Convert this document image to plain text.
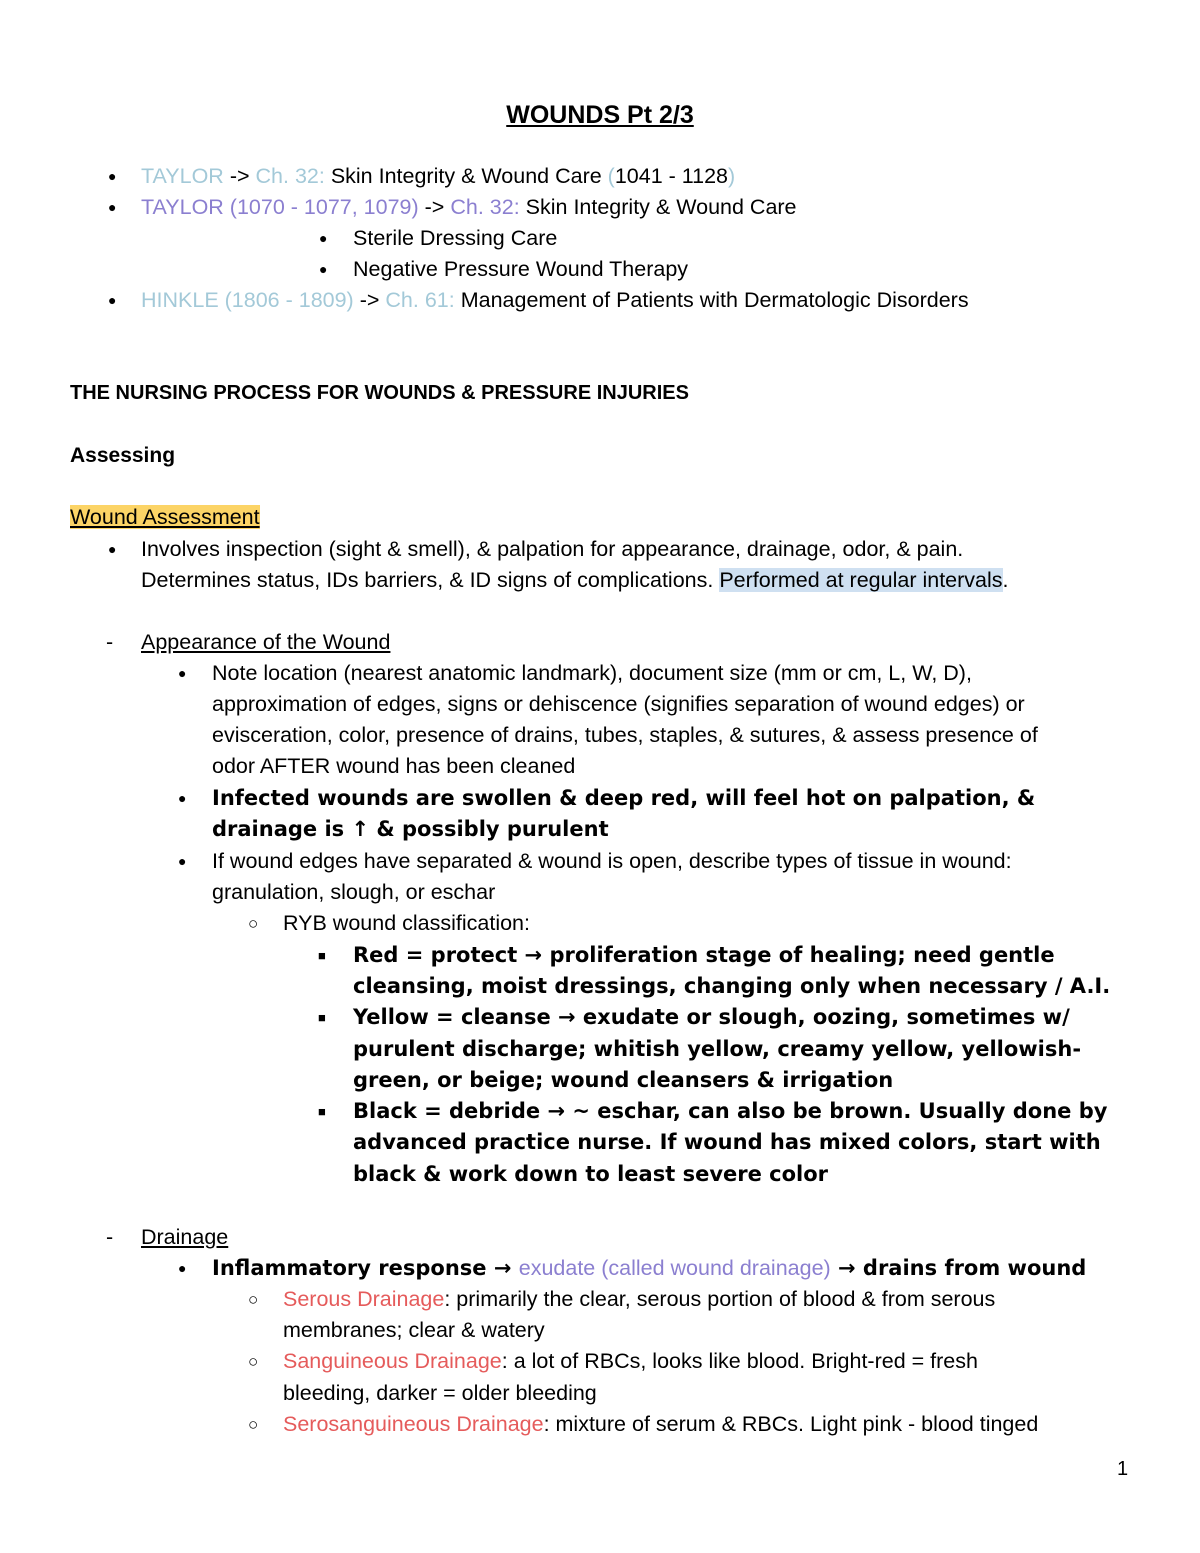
WOUNDS Pt 2/3
● TAYLOR -> Ch. 32: Skin Integrity & Wound Care (1041 - 1128)
● TAYLOR (1070 - 1077, 1079) -> Ch. 32: Skin Integrity & Wound Care
● Sterile Dressing Care
● Negative Pressure Wound Therapy
● HINKLE (1806 - 1809) -> Ch. 61: Management of Patients with Dermatologic Disorders
THE NURSING PROCESS FOR WOUNDS & PRESSURE INJURIES
Assessing
Wound Assessment
● Involves inspection (sight & smell), & palpation for appearance, drainage, odor, & pain.
Determines status, IDs barriers, & ID signs of complications. Performed at regular intervals.
- Appearance of the Wound
● Note location (nearest anatomic landmark), document size (mm or cm, L, W, D),
approximation of edges, signs or dehiscence (signifies separation of wound edges) or
evisceration, color, presence of drains, tubes, staples, & sutures, & assess presence of
odor AFTER wound has been cleaned
● Infected wounds are swollen & deep red, will feel hot on palpation, &
drainage is ↑ & possibly purulent
● If wound edges have separated & wound is open, describe types of tissue in wound:
granulation, slough, or eschar
○ RYB wound classification:
■ Red = protect → proliferation stage of healing; need gentle
cleansing, moist dressings, changing only when necessary / A.I.
■ Yellow = cleanse → exudate or slough, oozing, sometimes w/
purulent discharge; whitish yellow, creamy yellow, yellowish-
green, or beige; wound cleansers & irrigation
■ Black = debride → ~ eschar, can also be brown. Usually done by
advanced practice nurse. If wound has mixed colors, start with
black & work down to least severe color
- Drainage
● Inflammatory response → exudate (called wound drainage) → drains from wound
○ Serous Drainage: primarily the clear, serous portion of blood & from serous
membranes; clear & watery
○ Sanguineous Drainage: a lot of RBCs, looks like blood. Bright-red = fresh
bleeding, darker = older bleeding
○ Serosanguineous Drainage: mixture of serum & RBCs. Light pink - blood tinged
1
